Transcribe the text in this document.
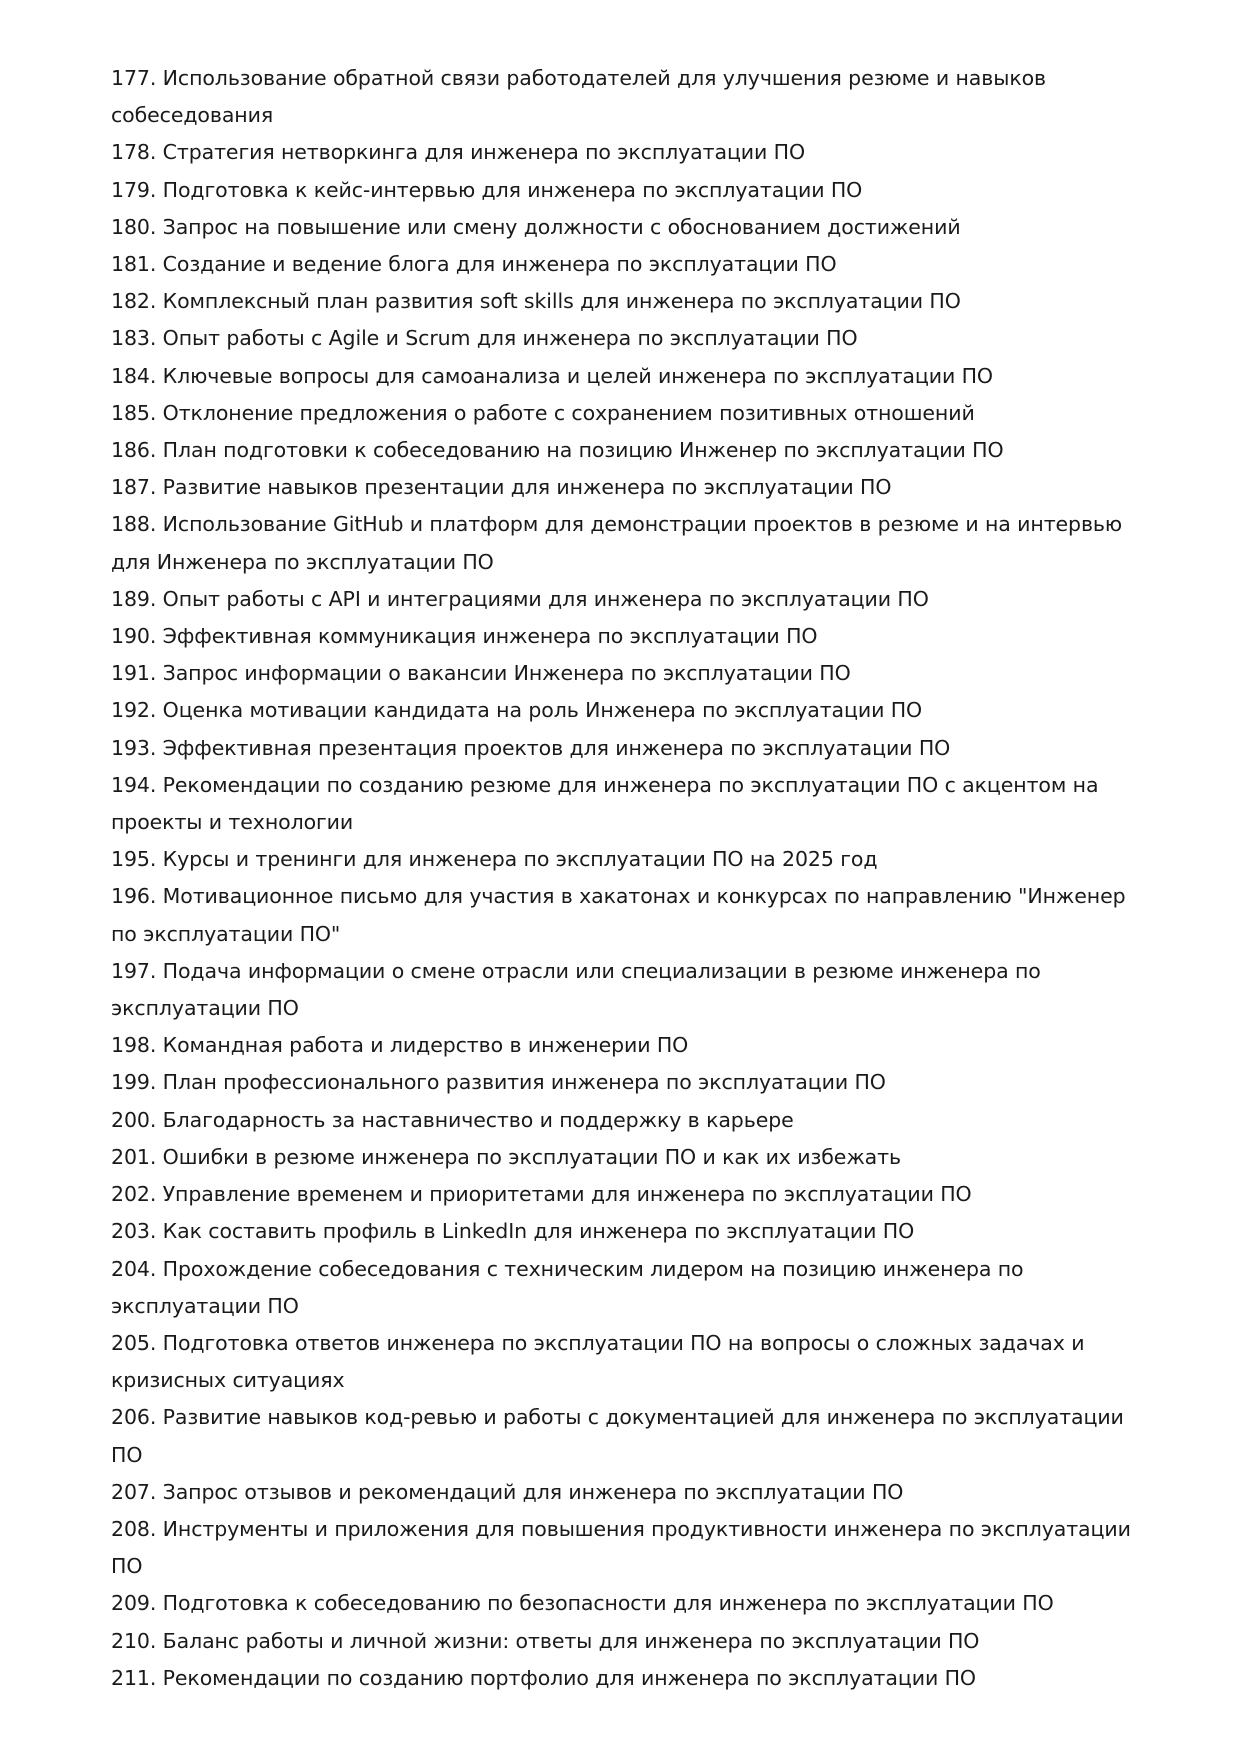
177. Использование обратной связи работодателей для улучшения резюме и навыков собеседования

178. Стратегия нетворкинга для инженера по эксплуатации ПО

179. Подготовка к кейс-интервью для инженера по эксплуатации ПО

180. Запрос на повышение или смену должности с обоснованием достижений

181. Создание и ведение блога для инженера по эксплуатации ПО

182. Комплексный план развития soft skills для инженера по эксплуатации ПО

183. Опыт работы с Agile и Scrum для инженера по эксплуатации ПО

184. Ключевые вопросы для самоанализа и целей инженера по эксплуатации ПО

185. Отклонение предложения о работе с сохранением позитивных отношений

186. План подготовки к собеседованию на позицию Инженер по эксплуатации ПО

187. Развитие навыков презентации для инженера по эксплуатации ПО

188. Использование GitHub и платформ для демонстрации проектов в резюме и на интервью для Инженера по эксплуатации ПО

189. Опыт работы с API и интеграциями для инженера по эксплуатации ПО

190. Эффективная коммуникация инженера по эксплуатации ПО

191. Запрос информации о вакансии Инженера по эксплуатации ПО

192. Оценка мотивации кандидата на роль Инженера по эксплуатации ПО

193. Эффективная презентация проектов для инженера по эксплуатации ПО

194. Рекомендации по созданию резюме для инженера по эксплуатации ПО с акцентом на проекты и технологии

195. Курсы и тренинги для инженера по эксплуатации ПО на 2025 год

196. Мотивационное письмо для участия в хакатонах и конкурсах по направлению "Инженер по эксплуатации ПО"

197. Подача информации о смене отрасли или специализации в резюме инженера по эксплуатации ПО

198. Командная работа и лидерство в инженерии ПО

199. План профессионального развития инженера по эксплуатации ПО

200. Благодарность за наставничество и поддержку в карьере

201. Ошибки в резюме инженера по эксплуатации ПО и как их избежать

202. Управление временем и приоритетами для инженера по эксплуатации ПО

203. Как составить профиль в LinkedIn для инженера по эксплуатации ПО

204. Прохождение собеседования с техническим лидером на позицию инженера по эксплуатации ПО

205. Подготовка ответов инженера по эксплуатации ПО на вопросы о сложных задачах и кризисных ситуациях

206. Развитие навыков код-ревью и работы с документацией для инженера по эксплуатации ПО

207. Запрос отзывов и рекомендаций для инженера по эксплуатации ПО

208. Инструменты и приложения для повышения продуктивности инженера по эксплуатации ПО

209. Подготовка к собеседованию по безопасности для инженера по эксплуатации ПО

210. Баланс работы и личной жизни: ответы для инженера по эксплуатации ПО

211. Рекомендации по созданию портфолио для инженера по эксплуатации ПО
